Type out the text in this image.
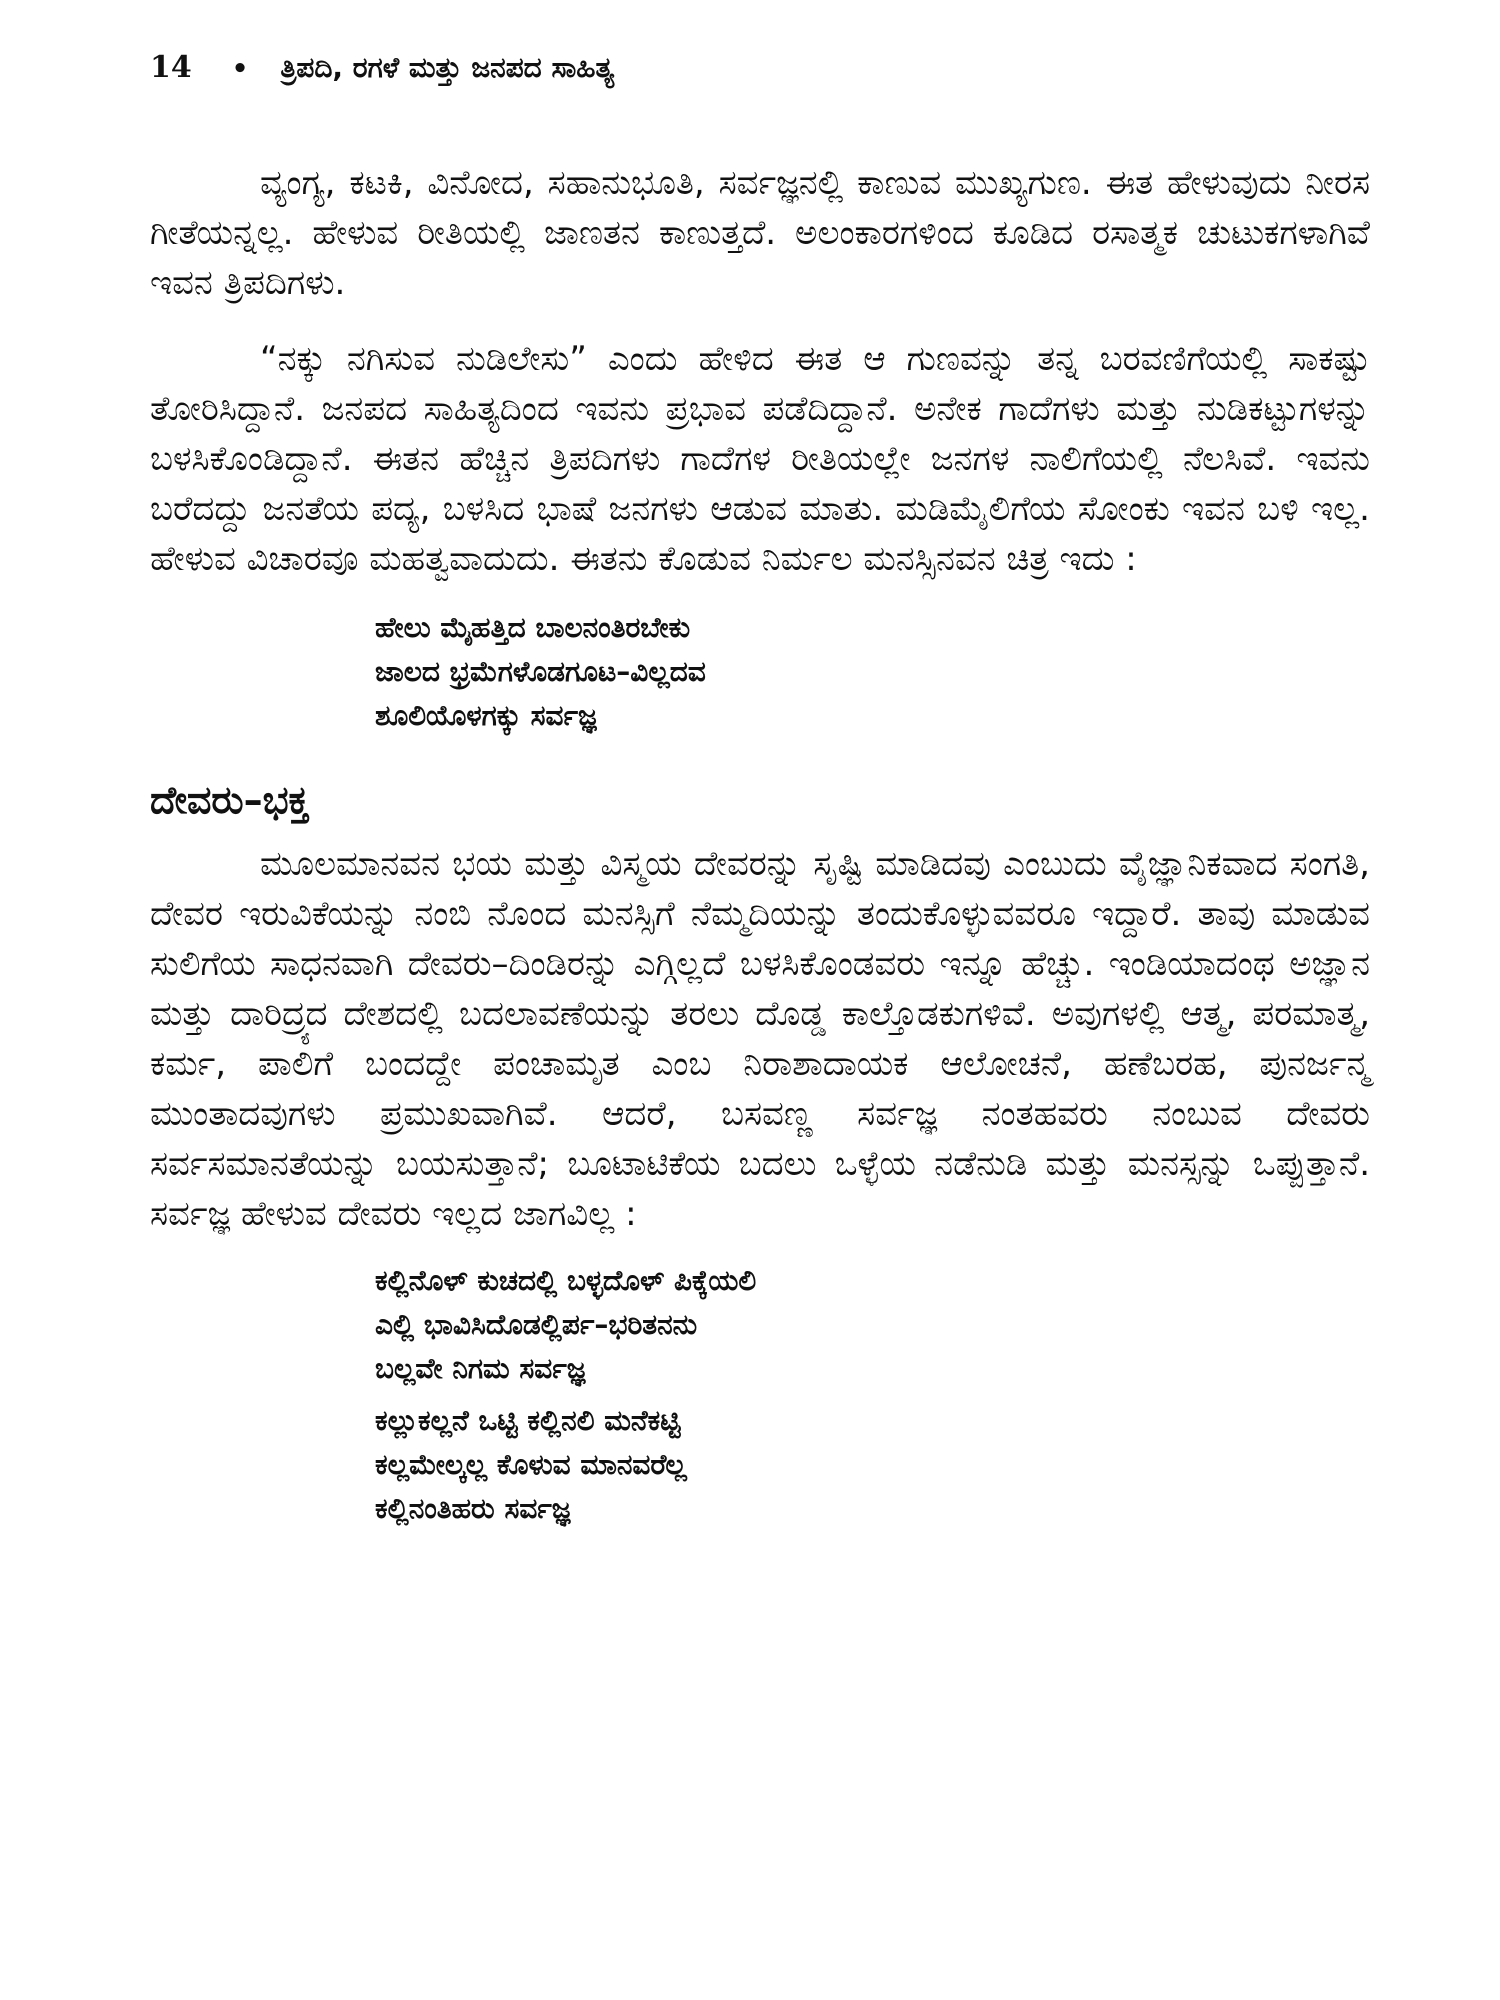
14 • ತ್ರಿಪದಿ, ರಗಳೆ ಮತ್ತು ಜನಪದ ಸಾಹಿತ್ಯ

ವ್ಯಂಗ್ಯ, ಕಟಕಿ, ವಿನೋದ, ಸಹಾನುಭೂತಿ, ಸರ್ವಜ್ಞನಲ್ಲಿ ಕಾಣುವ ಮುಖ್ಯಗುಣ. ಈತ ಹೇಳುವುದು ನೀರಸ ಗೀತೆಯನ್ನಲ್ಲ. ಹೇಳುವ ರೀತಿಯಲ್ಲಿ ಜಾಣತನ ಕಾಣುತ್ತದೆ. ಅಲಂಕಾರಗಳಿಂದ ಕೂಡಿದ ರಸಾತ್ಮಕ ಚುಟುಕಗಳಾಗಿವೆ ಇವನ ತ್ರಿಪದಿಗಳು.

“ನಕ್ಕು ನಗಿಸುವ ನುಡಿಲೇಸು” ಎಂದು ಹೇಳಿದ ಈತ ಆ ಗುಣವನ್ನು ತನ್ನ ಬರವಣಿಗೆಯಲ್ಲಿ ಸಾಕಷ್ಟು ತೋರಿಸಿದ್ದಾನೆ. ಜನಪದ ಸಾಹಿತ್ಯದಿಂದ ಇವನು ಪ್ರಭಾವ ಪಡೆದಿದ್ದಾನೆ. ಅನೇಕ ಗಾದೆಗಳು ಮತ್ತು ನುಡಿಕಟ್ಟುಗಳನ್ನು ಬಳಸಿಕೊಂಡಿದ್ದಾನೆ. ಈತನ ಹೆಚ್ಚಿನ ತ್ರಿಪದಿಗಳು ಗಾದೆಗಳ ರೀತಿಯಲ್ಲೇ ಜನಗಳ ನಾಲಿಗೆಯಲ್ಲಿ ನೆಲಸಿವೆ. ಇವನು ಬರೆದದ್ದು ಜನತೆಯ ಪದ್ಯ, ಬಳಸಿದ ಭಾಷೆ ಜನಗಳು ಆಡುವ ಮಾತು. ಮಡಿಮೈಲಿಗೆಯ ಸೋಂಕು ಇವನ ಬಳಿ ಇಲ್ಲ. ಹೇಳುವ ವಿಚಾರವೂ ಮಹತ್ವವಾದುದು. ಈತನು ಕೊಡುವ ನಿರ್ಮಲ ಮನಸ್ಸಿನವನ ಚಿತ್ರ ಇದು :

ಹೇಲು ಮೈಹತ್ತಿದ ಬಾಲನಂತಿರಬೇಕು
ಜಾಲದ ಭ್ರಮೆಗಳೊಡಗೂಟ–ವಿಲ್ಲದವ
ಶೂಲಿಯೊಳಗಕ್ಕು ಸರ್ವಜ್ಞ
ದೇವರು–ಭಕ್ತ

ಮೂಲಮಾನವನ ಭಯ ಮತ್ತು ವಿಸ್ಮಯ ದೇವರನ್ನು ಸೃಷ್ಟಿ ಮಾಡಿದವು ಎಂಬುದು ವೈಜ್ಞಾನಿಕವಾದ ಸಂಗತಿ, ದೇವರ ಇರುವಿಕೆಯನ್ನು ನಂಬಿ ನೊಂದ ಮನಸ್ಸಿಗೆ ನೆಮ್ಮದಿಯನ್ನು ತಂದುಕೊಳ್ಳುವವರೂ ಇದ್ದಾರೆ. ತಾವು ಮಾಡುವ ಸುಲಿಗೆಯ ಸಾಧನವಾಗಿ ದೇವರು–ದಿಂಡಿರನ್ನು ಎಗ್ಗಿಲ್ಲದೆ ಬಳಸಿಕೊಂಡವರು ಇನ್ನೂ ಹೆಚ್ಚು. ಇಂಡಿಯಾದಂಥ ಅಜ್ಞಾನ ಮತ್ತು ದಾರಿದ್ರ್ಯದ ದೇಶದಲ್ಲಿ ಬದಲಾವಣೆಯನ್ನು ತರಲು ದೊಡ್ಡ ಕಾಲ್ತೊಡಕುಗಳಿವೆ. ಅವುಗಳಲ್ಲಿ ಆತ್ಮ, ಪರಮಾತ್ಮ, ಕರ್ಮ, ಪಾಲಿಗೆ ಬಂದದ್ದೇ ಪಂಚಾಮೃತ ಎಂಬ ನಿರಾಶಾದಾಯಕ ಆಲೋಚನೆ, ಹಣೆಬರಹ, ಪುನರ್ಜನ್ಮ ಮುಂತಾದವುಗಳು ಪ್ರಮುಖವಾಗಿವೆ. ಆದರೆ, ಬಸವಣ್ಣ ಸರ್ವಜ್ಞ ನಂತಹವರು ನಂಬುವ ದೇವರು ಸರ್ವಸಮಾನತೆಯನ್ನು ಬಯಸುತ್ತಾನೆ; ಬೂಟಾಟಿಕೆಯ ಬದಲು ಒಳ್ಳೆಯ ನಡೆನುಡಿ ಮತ್ತು ಮನಸ್ಸನ್ನು ಒಪ್ಪುತ್ತಾನೆ. ಸರ್ವಜ್ಞ ಹೇಳುವ ದೇವರು ಇಲ್ಲದ ಜಾಗವಿಲ್ಲ :

ಕಲ್ಲಿನೊಳ್ ಕುಚದಲ್ಲಿ ಬಳ್ಳದೊಳ್ ಪಿಕ್ಕೆಯಲಿ
ಎಲ್ಲಿ ಭಾವಿಸಿದೊಡಲ್ಲಿರ್ಪ–ಭರಿತನನು
ಬಲ್ಲವೇ ನಿಗಮ ಸರ್ವಜ್ಞ
ಕಲ್ಲುಕಲ್ಲನೆ ಒಟ್ಟಿ ಕಲ್ಲಿನಲಿ ಮನೆಕಟ್ಟಿ
ಕಲ್ಲಮೇಲ್ಕಲ್ಲ ಕೊಳುವ ಮಾನವರೆಲ್ಲ
ಕಲ್ಲಿನಂತಿಹರು ಸರ್ವಜ್ಞ
